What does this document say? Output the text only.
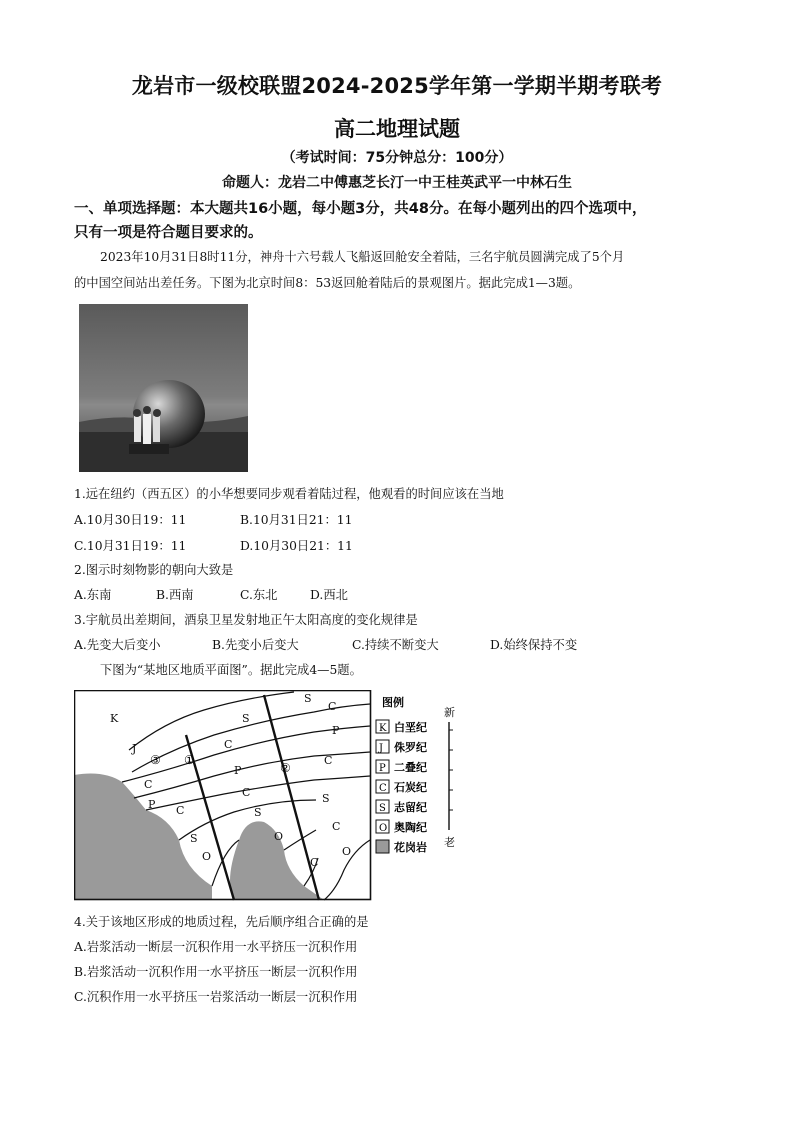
龙岩市一级校联盟2024-2025学年第一学期半期考联考
高二地理试题
（考试时间：75分钟总分：100分）
命题人：龙岩二中傅惠芝长汀一中王桂英武平一中林石生
一、单项选择题：本大题共16小题，每小题3分，共48分。在每小题列出的四个选项中，
只有一项是符合题目要求的。
2023年10月31日8时11分，神舟十六号载人飞船返回舱安全着陆，三名宇航员圆满完成了5个月
的中国空间站出差任务。下图为北京时间8：53返回舱着陆后的景观图片。据此完成1—3题。
1.远在纽约（西五区）的小华想要同步观看着陆过程，他观看的时间应该在当地
A.10月30日19：11	B.10月31日21：11
C.10月31日19：11	D.10月30日21：11
2.图示时刻物影的朝向大致是
A.东南	B.西南	C.东北	D.西北
3.宇航员出差期间，酒泉卫星发射地正午太阳高度的变化规律是
A.先变大后变小	B.先变小后变大	C.持续不断变大	D.始终保持不变
下图为“某地区地质平面图”。据此完成4—5题。
K
J
C
P C
S
O
S
C
P
C
S
O
S
C
P
C
S
C
O
C
③ ①
②
图例
K 白垩纪
J 侏罗纪
P 二叠纪
C 石炭纪
S 志留纪
O 奥陶纪
花岗岩
新
老
4.关于该地区形成的地质过程，先后顺序组合正确的是
A.岩浆活动一断层一沉积作用一水平挤压一沉积作用
B.岩浆活动一沉积作用一水平挤压一断层一沉积作用
C.沉积作用一水平挤压一岩浆活动一断层一沉积作用
